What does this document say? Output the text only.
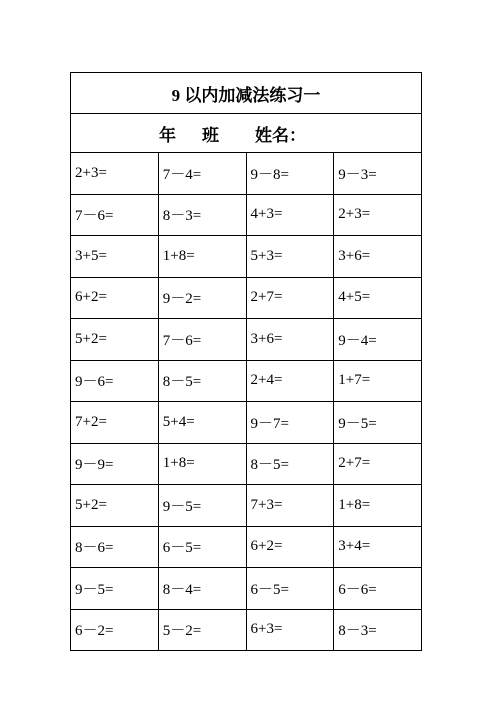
9 以内加减法练习一			
年 班 姓名：			
2+3=	7－4=	9－8=	9－3=
7－6=	8－3=	4+3=	2+3=
3+5=	1+8=	5+3=	3+6=
6+2=	9－2=	2+7=	4+5=
5+2=	7－6=	3+6=	9－4=
9－6=	8－5=	2+4=	1+7=
7+2=	5+4=	9－7=	9－5=
9－9=	1+8=	8－5=	2+7=
5+2=	9－5=	7+3=	1+8=
8－6=	6－5=	6+2=	3+4=
9－5=	8－4=	6－5=	6－6=
6－2=	5－2=	6+3=	8－3=
